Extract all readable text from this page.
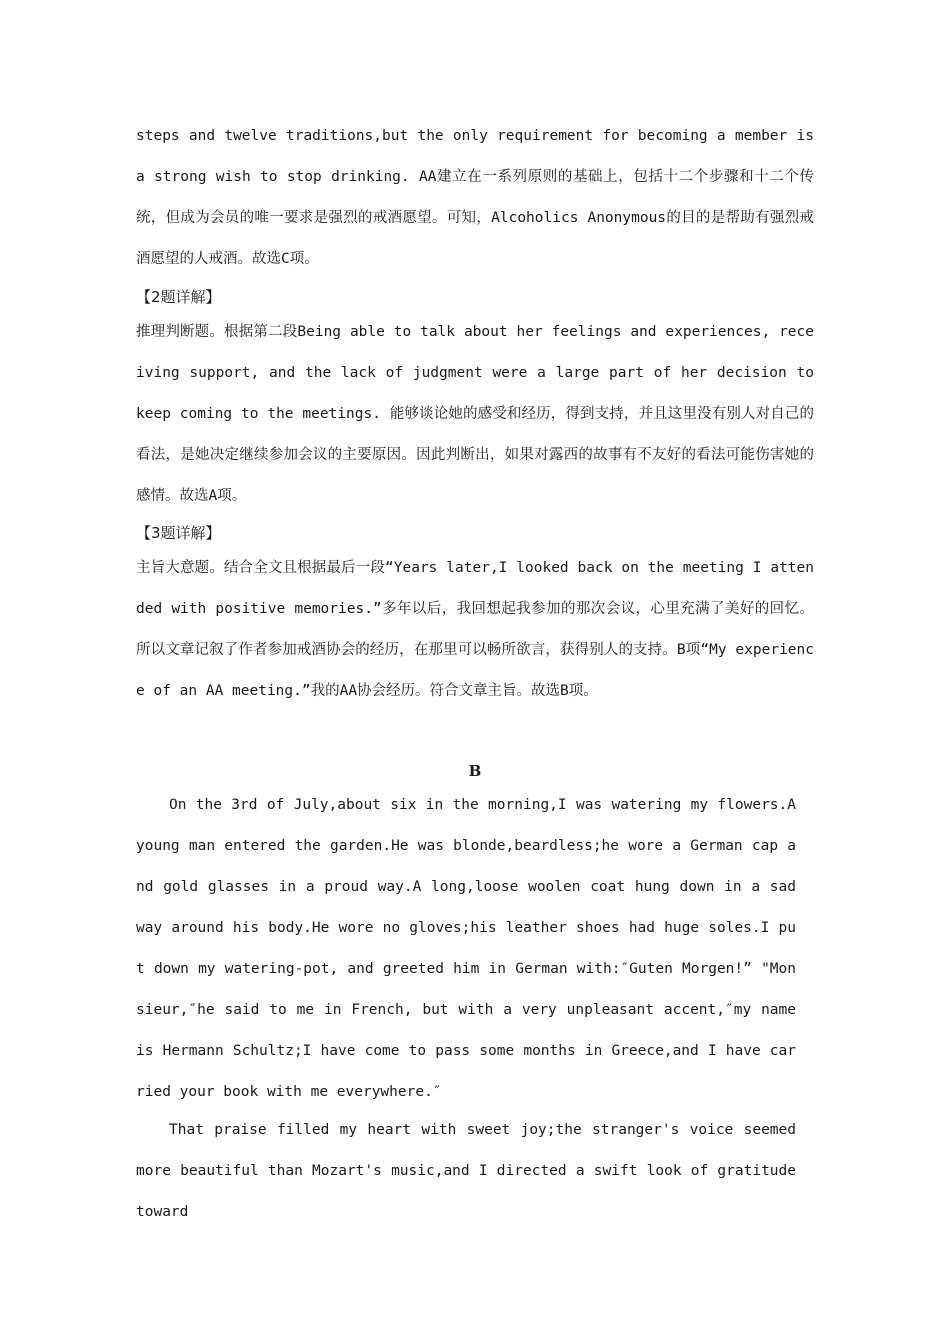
steps and twelve traditions,but the only requirement for becoming a member is a strong wish to stop drinking. AA建立在一系列原则的基础上，包括十二个步骤和十二个传统，但成为会员的唯一要求是强烈的戒酒愿望。可知，Alcoholics Anonymous的目的是帮助有强烈戒酒愿望的人戒酒。故选C项。

【2题详解】

推理判断题。根据第二段Being able to talk about her feelings and experiences, receiving support, and the lack of judgment were a large part of her decision to keep coming to the meetings. 能够谈论她的感受和经历，得到支持，并且这里没有别人对自己的看法，是她决定继续参加会议的主要原因。因此判断出，如果对露西的故事有不友好的看法可能伤害她的感情。故选A项。

【3题详解】

主旨大意题。结合全文且根据最后一段“Years later,I looked back on the meeting I attended with positive memories.”多年以后，我回想起我参加的那次会议，心里充满了美好的回忆。所以文章记叙了作者参加戒酒协会的经历，在那里可以畅所欲言，获得别人的支持。B项“My experience of an AA meeting.”我的AA协会经历。符合文章主旨。故选B项。

B

On the 3rd of July,about six in the morning,I was watering my flowers.A young man entered the garden.He was blonde,beardless;he wore a German cap and gold glasses in a proud way.A long,loose woolen coat hung down in a sad way around his body.He wore no gloves;his leather shoes had huge soles.I put down my watering-pot, and greeted him in German with:″Guten Morgen!” "Monsieur,″he said to me in French, but with a very unpleasant accent,″my name is Hermann Schultz;I have come to pass some months in Greece,and I have carried your book with me everywhere.″

That praise filled my heart with sweet joy;the stranger's voice seemed more beautiful than Mozart's music,and I directed a swift look of gratitude toward
